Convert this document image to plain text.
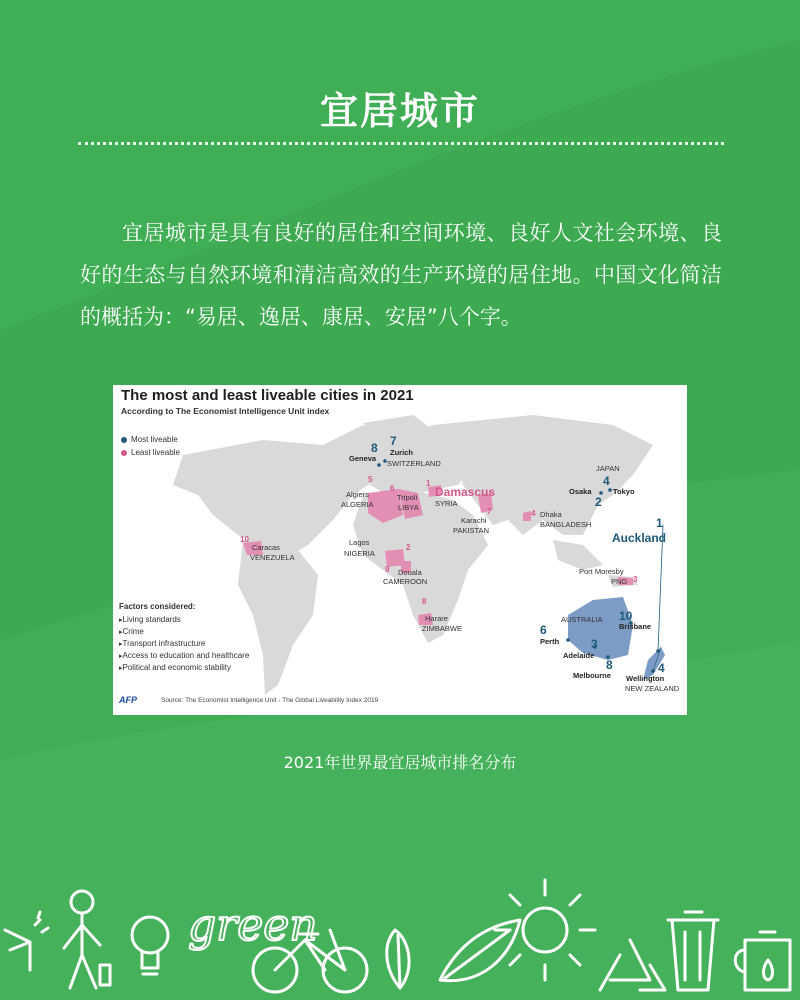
宜居城市
宜居城市是具有良好的居住和空间环境、良好人文社会环境、良好的生态与自然环境和清洁高效的生产环境的居住地。中国文化简洁的概括为：“易居、逸居、康居、安居”八个字。
The most and least liveable cities in 2021
According to The Economist Intelligence Unit index
Most liveable
Least liveable	8
Geneva
7
Zurich
SWITZERLAND
JAPAN
4
Tokyo
Osaka
2
1
Auckland
AUSTRALIA 10
Brisbane
6
Perth	3
Adelaide
8
Melbourne
4
Wellington
NEW ZEALAND
1
Damascus
SYRIA
5
Algiers
ALGERIA
6
Tripoli
LIBYA	7
Karachi
PAKISTAN
4 Dhaka
BANGLADESH
10
Caracas
VENEZUELA
2
Lagos
NIGERIA
9 Douala
CAMEROON
Port Moresby
PNG 3
8
Harare
ZIMBABWE
Factors considered:
▸ Living standards
▸ Crime
▸ Transport infrastructure
▸ Access to education and healthcare
▸ Political and economic stability
AFP	Source: The Economist Intelligence Unit - The Global Liveability Index 2019
2021年世界最宜居城市排名分布
green
